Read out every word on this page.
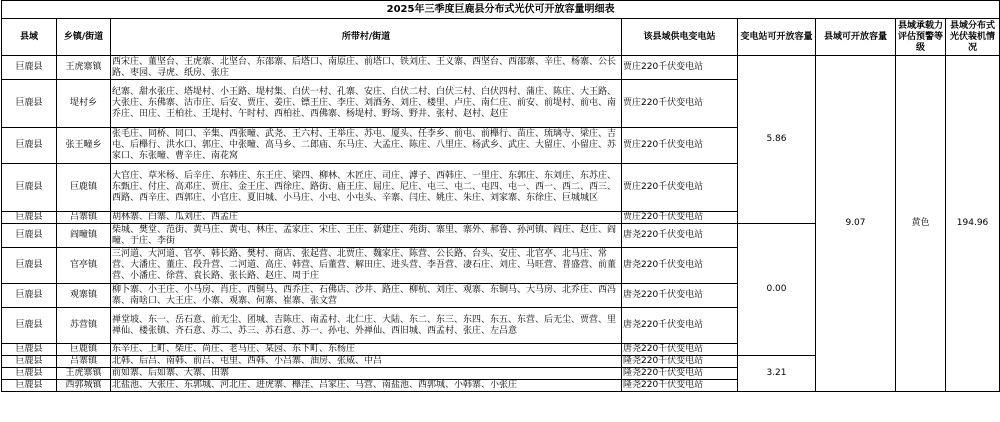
2025年三季度巨鹿县分布式光伏可开放容量明细表							
县域	乡镇/街道	所带村/街道	该县域供电变电站	变电站可开放容量	县域可开放容量	县域承载力评估预警等级	县域分布式光伏装机情况
巨鹿县	王虎寨镇	西宋庄、董坚台、王虎寨、北坚台、东邵寨、后塔口、南原庄、前塔口、铁刘庄、王义寨、西坚台、西邵寨、辛庄、杨寨、公长路、枣园、寻虎、纸房、张庄	贾庄220千伏变电站	5.86	9.07	黄色	194.96
巨鹿县	堤村乡	纪寨、甜水张庄、塔堤村、小王路、堤村集、白伏一村、孔寨、安庄、白伏二村、白伏三村、白伏四村、蒲庄、陈庄、大王路、大张庄、东佛寨、沽市庄、后安、贾庄、姜庄、镖王庄、李庄、刘酒务、刘庄、楼里、卢庄、南仁庄、前安、前堤村、前屯、南乔庄、田庄、王柏社、王堤村、午时村、西柏社、西佛寨、杨堤村、野场、野井、张村、赵村、赵庄	贾庄220千伏变电站				
巨鹿县	张王疃乡	张毛庄、同桥、同口、辛集、西张疃、武尧、王六村、王举庄、苏屯、厦头、任李乡、前屯、前櫸行、苗庄、琉璃寺、梁庄、吉屯、后櫸行、洪水口、郭庄、中张疃、高马乡、二郎庙、东马庄、大孟庄、陈庄、八里庄、杨武乡、武庄、大留庄、小留庄、苏家口、东张疃、曹辛庄、南花窝	贾庄220千伏变电站				
巨鹿县	巨鹿镇	大官庄、草米杨、后辛庄、东韩庄、东王庄、梁四、柳林、木匠庄、司庄、滹子、西韩庄、一里庄、东郭庄、东刘庄、东苏庄、东甄庄、付庄、高邓庄、贾庄、金王庄、西徐庄、路街、庙王庄、屈庄、尼庄、屯三、屯二、屯四、屯一、西一、西二、西三、西路、西辛庄、西郭庄、小官庄、夏旧城、小马庄、小屯、小屯头、辛寨、闫庄、姚庄、朱庄、刘家寨、东徐庄、巨城城区	贾庄220千伏变电站				
巨鹿县	吕寨镇	胡林寨、白寨、瓜刘庄、西孟庄	贾庄220千伏变电站				
巨鹿县	阎疃镇	柴城、樊堂、范街、黄马庄、黄屯、林庄、孟家庄、宋庄、王庄、新建庄、苑街、寨里、寨外、郝鲁、孙河镇、阎庄、赵庄、阎疃、于庄、李街	唐尧220千伏变电站	0.00			
巨鹿县	官亭镇	三河道、大河道、官亭、韩长路、樊村、商店、张起营、北贾庄、魏家庄、陈营、公长路、台头、安庄、北官亭、北马庄、常营、大潘庄、董庄、段升营、二河道、高庄、韩营、后董营、解田庄、进头营、李吾营、凄石庄、刘庄、马旺营、普盛营、前董营、小潘庄、徐营、袁长路、张长路、赵庄、周于庄	唐尧220千伏变电站				
巨鹿县	观寨镇	柳卜寨、小王庄、小马房、肖庄、西铜马、西乔庄、石佛店、沙井、路庄、柳杭、刘庄、观寨、东铜马、大马房、北乔庄、西冯寨、南啥口、大王庄、小寨、观寨、何寨、崔寨、张文营	唐尧220千伏变电站				
巨鹿县	苏营镇	禅堂坡、东一、岳石意、前无尘、团城、吉陈庄、南孟村、北仁庄、大陆、东二、东三、东四、东五、东营、后无尘、贾营、里禅仙、楼张镇、齐石意、苏二、苏三、苏石意、苏一、孙屯、外禅仙、西旧城、西孟村、张庄、左吕意	唐尧220千伏变电站				
巨鹿县	巨鹿镇	东辛庄、上町、柴庄、尚庄、老马庄、某园、东下町、东杨庄	唐尧220千伏变电站				
巨鹿县	吕寨镇	北韩、后吕、南韩、前吕、屯里、西韩、小吕寨、油房、张威、中吕	隆尧220千伏变电站	3.21			
巨鹿县	王虎寨镇	前如寨、后如寨、大寨、田寨	隆尧220千伏变电站				
巨鹿县	西郭城镇	北盐池、大张庄、东郭城、河北庄、进虎寨、櫸洼、吕家庄、马营、南盐池、西郭城、小韩寨、小张庄	隆尧220千伏变电站				
